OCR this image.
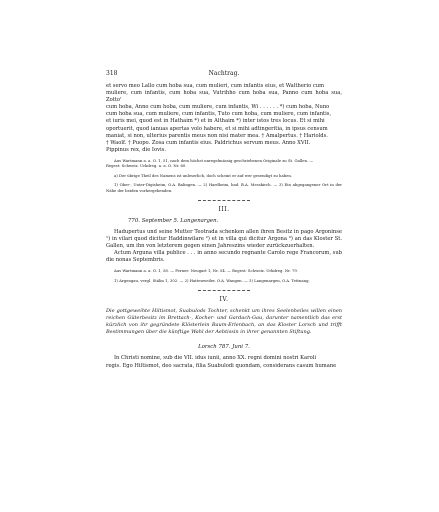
318	Nachtrag.

et servo meo Lallo cum hoba sua, cum mulieri, cum infantis eius, et Waltherio cum

muliere, cum infantis, cum hoba sua, Vutrihho cum hoba sua, Panno cum hoba sua, Zotto'

cum hoba, Anno cum hoba, cum muliere, cum infantis, Wi . . . . . . *) cum hoba, Nuno

cum hoba sua, cum muliere, cum infantis, Tuto cum hoba, cum muliere, cum infantis,

et iuris mei, quod est in Hathaim *) et in Althaim *) inter istos tres locus. Et si mihi

oportuerit, quod ianuas apertas volo habere, et si mihi adtingeritia, in ipsus censum

maniat, si non, ulterius parentis meus non nisi mater mea. † Amalpertus. † Hariolds.

† Waolf. † Puopo. Zosa cum infantis eius. Paldrichus servum meus. Anno XVII.

Pippinus rex, die Iovis.

Aus Wartmann a. a. O. 1, 51, nach dem höchst unregelmässig geschriebenen Originale zu St. Gallen. —

Regest: Schweiz. Urkdreg. a. a. O. Nr. 60.

a) Der übrige Theil des Namens ist unleserlich, doch scheint er auf wer gesendigt zu haben.

1) Ober-, Unter-Digisheim, O.A. Balingen. — 2) Hardheim, bad. B.A. Messkirch. — 3) Ein abgegangener Ort in der Nähe der beiden vorhergehenden.

III.
770. September 5. Langenargen.

Hadupertus und seine Mutter Teotrada schenken allen ihren Besitz in pago Argoninse ¹) in vilari quod dicitur Haddinwilare ²) et in villa qui dicitur Argona ³) an das Kloster St. Gallen, um ihn von letzterem gegen einen Jahreszins wieder zurückzuerhalten.

Actum Arguna villa publice . . . in anno secundo regnante Carolo rege Francorum, sub die nonas Septembris.

Aus Wartmann a. a. O. 1, 58. — Ferner: Neugart 1, Nr. 54. — Regest: Schweiz. Urkdreg. Nr. 79.

1) Argengau, vergl. Stälin 1, 302. — 2) Hattenweiler, O.A. Wangen. — 3) Langenargen, O.A. Tettnang.

IV.

Die gottgeweihte Hiltismot, Suabulods Tochter, schenkt um ihres Seelenheiles willen einen reichen Güterbesitz im Brettach-, Kocher- und Gardach-Gau, darunter namentlich das erst kürzlich von ihr gegründete Klösterlein Baum-Erlenbach, an das Kloster Lorsch und trifft Bestimmungen über die künftige Wahl der Aebtissin in ihrer genannten Stiftung.

Lorsch 787. Juni 7.

In Christi nomine, sub die VII. idus iunii, anno XX. regni domini nostri Karoli

regis. Ego Hiltismot, deo sacrata, filia Suabulodi quondam, considerans casum humane
